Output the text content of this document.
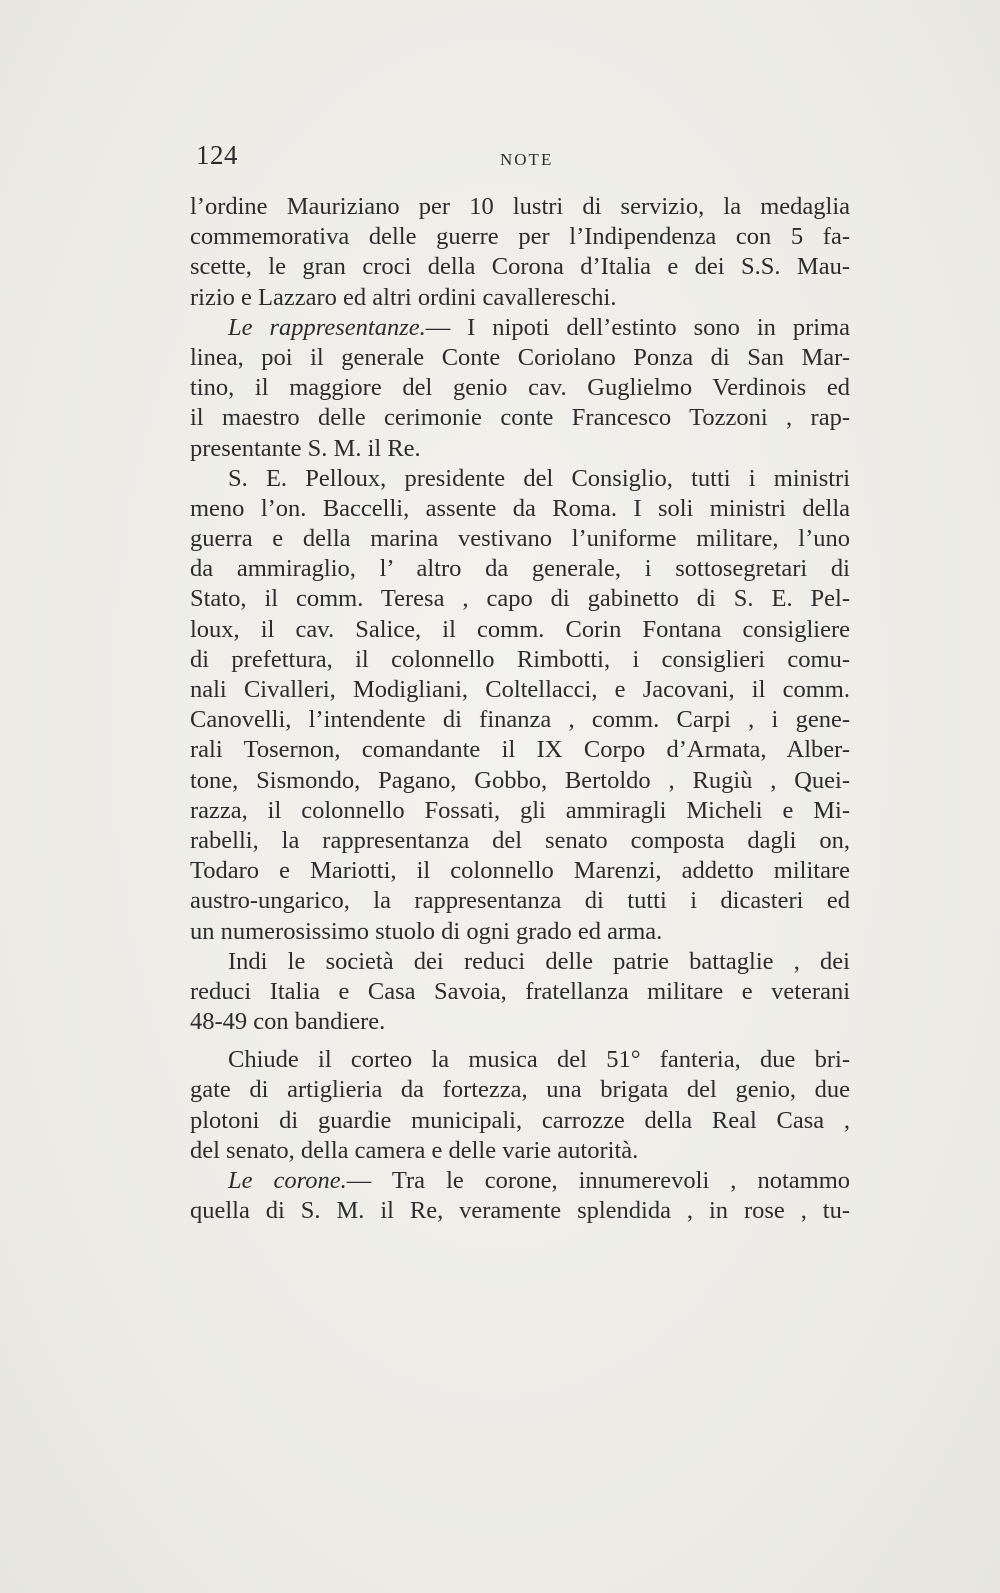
124	NOTE
l’ordine Mauriziano per 10 lustri di servizio, la medaglia
commemorativa delle guerre per l’Indipendenza con 5 fa-
scette, le gran croci della Corona d’Italia e dei S.S. Mau-
rizio e Lazzaro ed altri ordini cavallereschi.
Le rappresentanze.— I nipoti dell’estinto sono in prima
linea, poi il generale Conte Coriolano Ponza di San Mar-
tino, il maggiore del genio cav. Guglielmo Verdinois ed
il maestro delle cerimonie conte Francesco Tozzoni , rap-
presentante S. M. il Re.
S. E. Pelloux, presidente del Consiglio, tutti i ministri
meno l’on. Baccelli, assente da Roma. I soli ministri della
guerra e della marina vestivano l’uniforme militare, l’uno
da ammiraglio, l’ altro da generale, i sottosegretari di
Stato, il comm. Teresa , capo di gabinetto di S. E. Pel-
loux, il cav. Salice, il comm. Corin Fontana consigliere
di prefettura, il colonnello Rimbotti, i consiglieri comu-
nali Civalleri, Modigliani, Coltellacci, e Jacovani, il comm.
Canovelli, l’intendente di finanza , comm. Carpi , i gene-
rali Tosernon, comandante il IX Corpo d’Armata, Alber-
tone, Sismondo, Pagano, Gobbo, Bertoldo , Rugiù , Quei-
razza, il colonnello Fossati, gli ammiragli Micheli e Mi-
rabelli, la rappresentanza del senato composta dagli on,
Todaro e Mariotti, il colonnello Marenzi, addetto militare
austro-ungarico, la rappresentanza di tutti i dicasteri ed
un numerosissimo stuolo di ogni grado ed arma.
Indi le società dei reduci delle patrie battaglie , dei
reduci Italia e Casa Savoia, fratellanza militare e veterani
48-49 con bandiere.
Chiude il corteo la musica del 51° fanteria, due bri-
gate di artiglieria da fortezza, una brigata del genio, due
plotoni di guardie municipali, carrozze della Real Casa ,
del senato, della camera e delle varie autorità.
Le corone.— Tra le corone, innumerevoli , notammo
quella di S. M. il Re, veramente splendida , in rose , tu-
